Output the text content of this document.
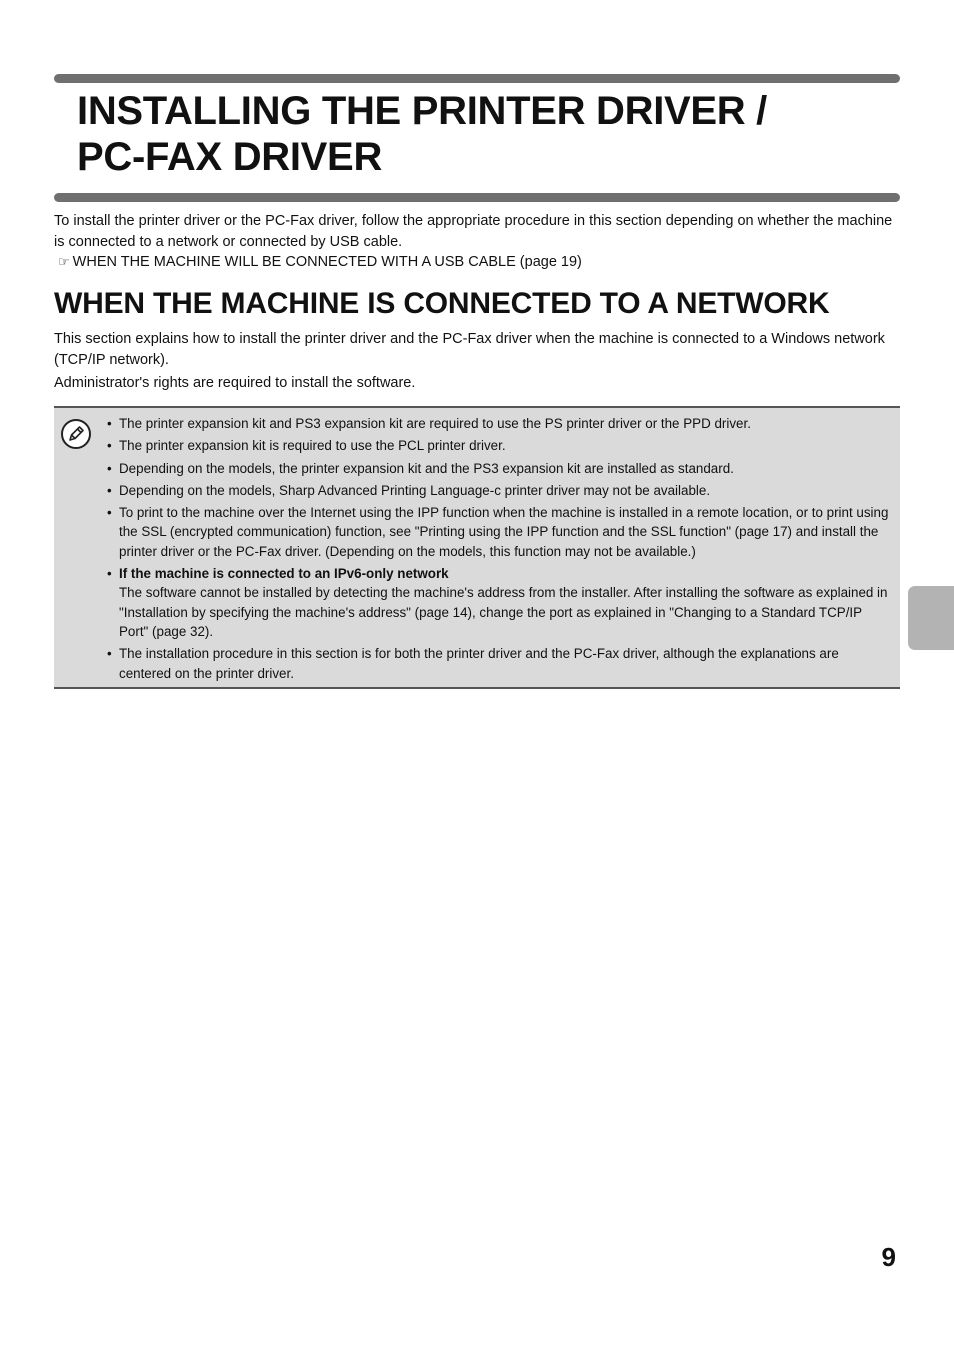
INSTALLING THE PRINTER DRIVER /
PC-FAX DRIVER

To install the printer driver or the PC-Fax driver, follow the appropriate procedure in this section depending on whether the machine is connected to a network or connected by USB cable.

☞ WHEN THE MACHINE WILL BE CONNECTED WITH A USB CABLE (page 19)

WHEN THE MACHINE IS CONNECTED TO A NETWORK

This section explains how to install the printer driver and the PC-Fax driver when the machine is connected to a Windows network (TCP/IP network).

Administrator's rights are required to install the software.

• The printer expansion kit and PS3 expansion kit are required to use the PS printer driver or the PPD driver.
• The printer expansion kit is required to use the PCL printer driver.
• Depending on the models, the printer expansion kit and the PS3 expansion kit are installed as standard.
• Depending on the models, Sharp Advanced Printing Language-c printer driver may not be available.
• To print to the machine over the Internet using the IPP function when the machine is installed in a remote location, or to print using the SSL (encrypted communication) function, see "Printing using the IPP function and the SSL function" (page 17) and install the printer driver or the PC-Fax driver. (Depending on the models, this function may not be available.)
• If the machine is connected to an IPv6-only network
The software cannot be installed by detecting the machine's address from the installer. After installing the software as explained in "Installation by specifying the machine's address" (page 14), change the port as explained in "Changing to a Standard TCP/IP Port" (page 32).
• The installation procedure in this section is for both the printer driver and the PC-Fax driver, although the explanations are centered on the printer driver.
9
